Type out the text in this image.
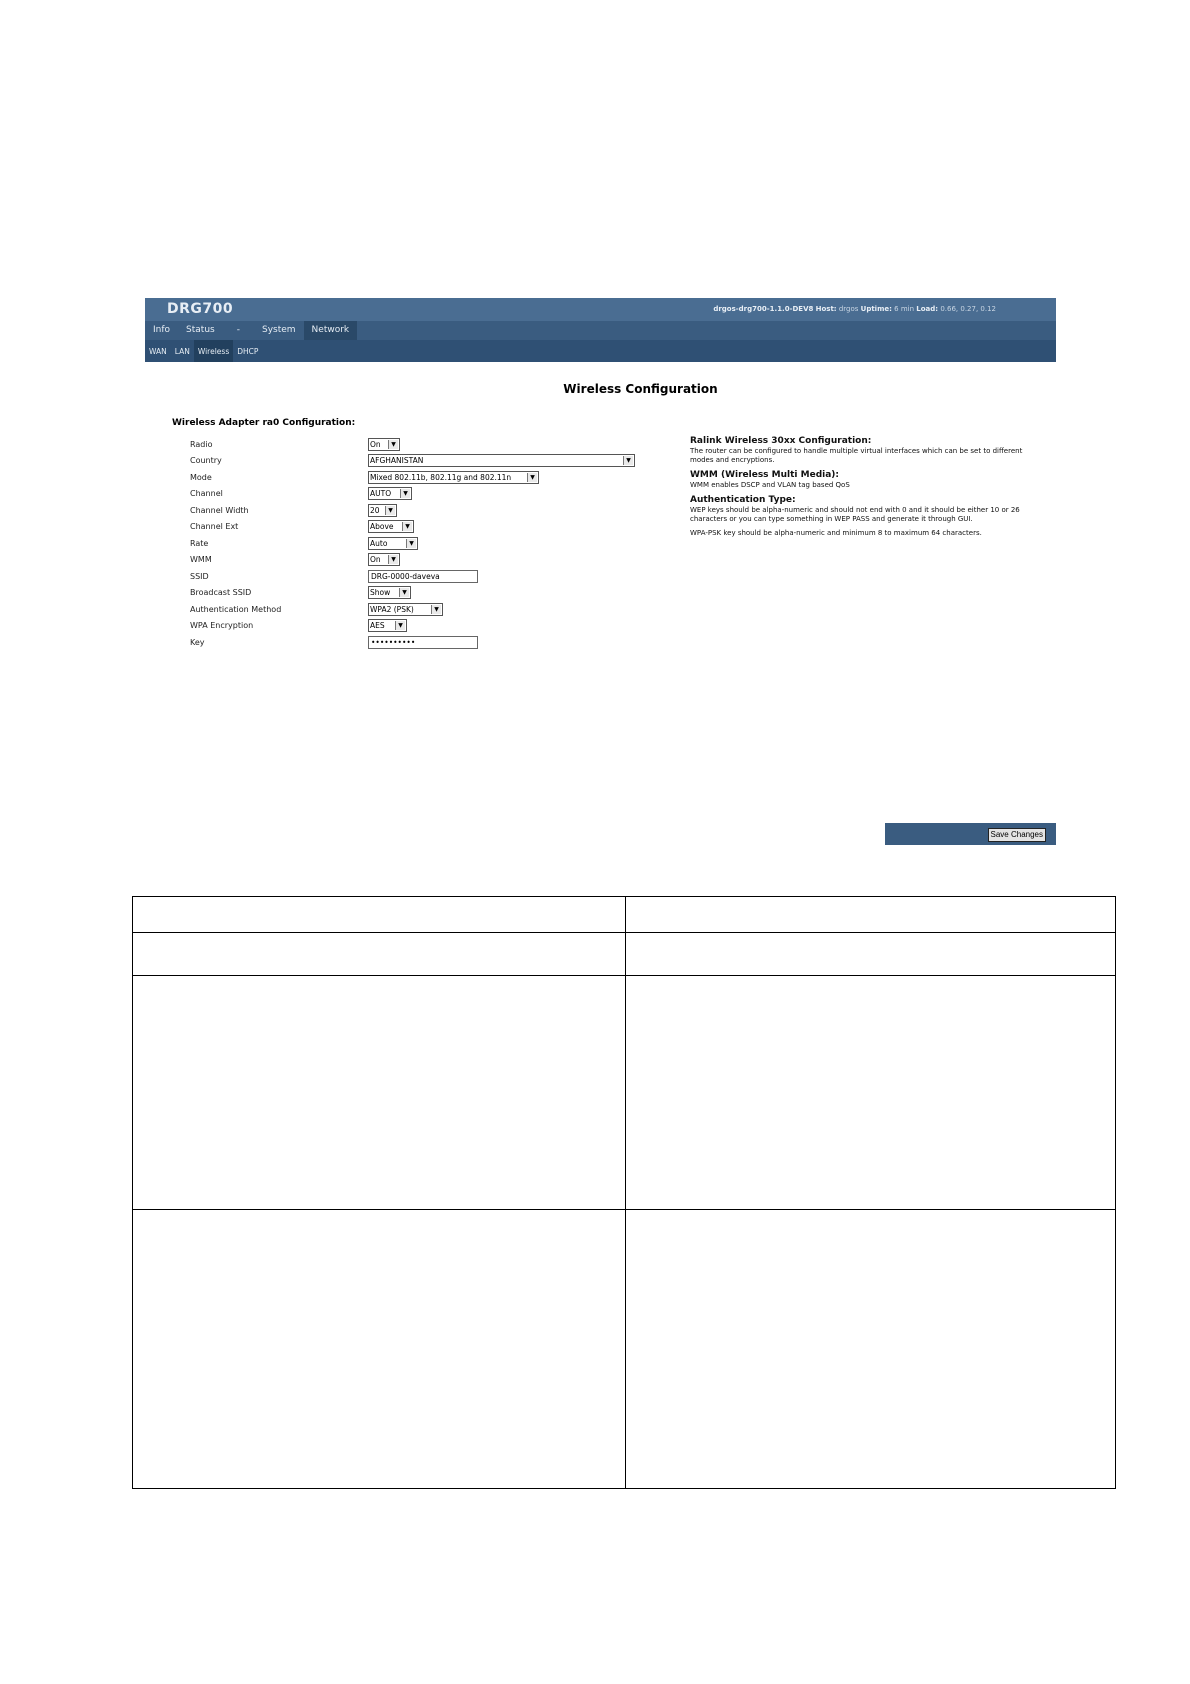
DRG700	drgos-drg700-1.1.0-DEV8 Host: drgos Uptime: 6 min Load: 0.66, 0.27, 0.12
Info	Status	-	System	Network
WAN	LAN	Wireless	DHCP
Wireless Configuration
Wireless Adapter ra0 Configuration:
Radio	On	▼
Country	AFGHANISTAN	▼
Mode	Mixed 802.11b, 802.11g and 802.11n	▼
Channel	AUTO	▼
Channel Width	20	▼
Channel Ext	Above	▼
Rate	Auto	▼
WMM	On	▼
SSID	DRG-0000-daveva
Broadcast SSID	Show	▼
Authentication Method	WPA2 (PSK)	▼
WPA Encryption	AES	▼
Key	••••••••••
Ralink Wireless 30xx Configuration:

The router can be configured to handle multiple virtual interfaces which can be set to different modes and encryptions.

WMM (Wireless Multi Media):

WMM enables DSCP and VLAN tag based QoS

Authentication Type:

WEP keys should be alpha-numeric and should not end with 0 and it should be either 10 or 26 characters or you can type something in WEP PASS and generate it through GUI.

WPA-PSK key should be alpha-numeric and minimum 8 to maximum 64 characters.

Save Changes
